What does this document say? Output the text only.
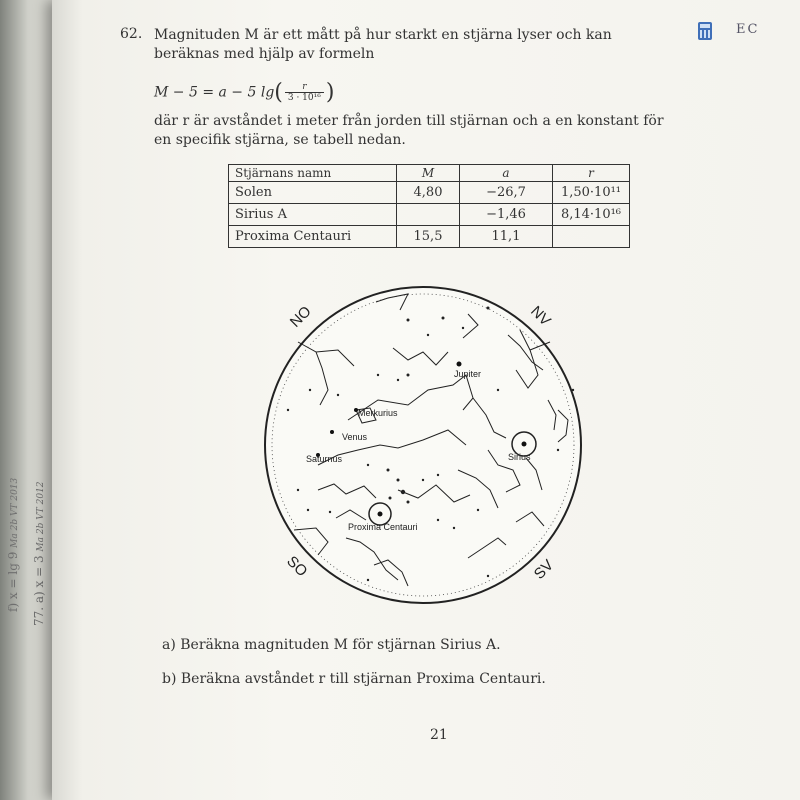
f) x = lg 9 Ma 2b VT 2013
77. a) x = 3 Ma 2b VT 2012
62. Magnituden M är ett mått på hur starkt en stjärna lyser och kan beräknas med hjälp av formeln
M − 5 = a − 5 $\lg( \frac{r}{\text{3 · 10¹⁶}}$ )
där r är avståndet i meter från jorden till stjärnan och a en konstant för en specifik stjärna, se tabell nedan.
EC
Stjärnans namn	M	a	r
Solen	4,80	−26,7	1,50·10¹¹
Sirius A		−1,46	8,14·10¹⁶
Proxima Centauri	15,5	11,1	
Jupiter
Merkurius
Venus
Saturnus	Sirius
Proxima Centauri
NO	NV
SO	SV
a) Beräkna magnituden M för stjärnan Sirius A.
b) Beräkna avståndet r till stjärnan Proxima Centauri.
21
